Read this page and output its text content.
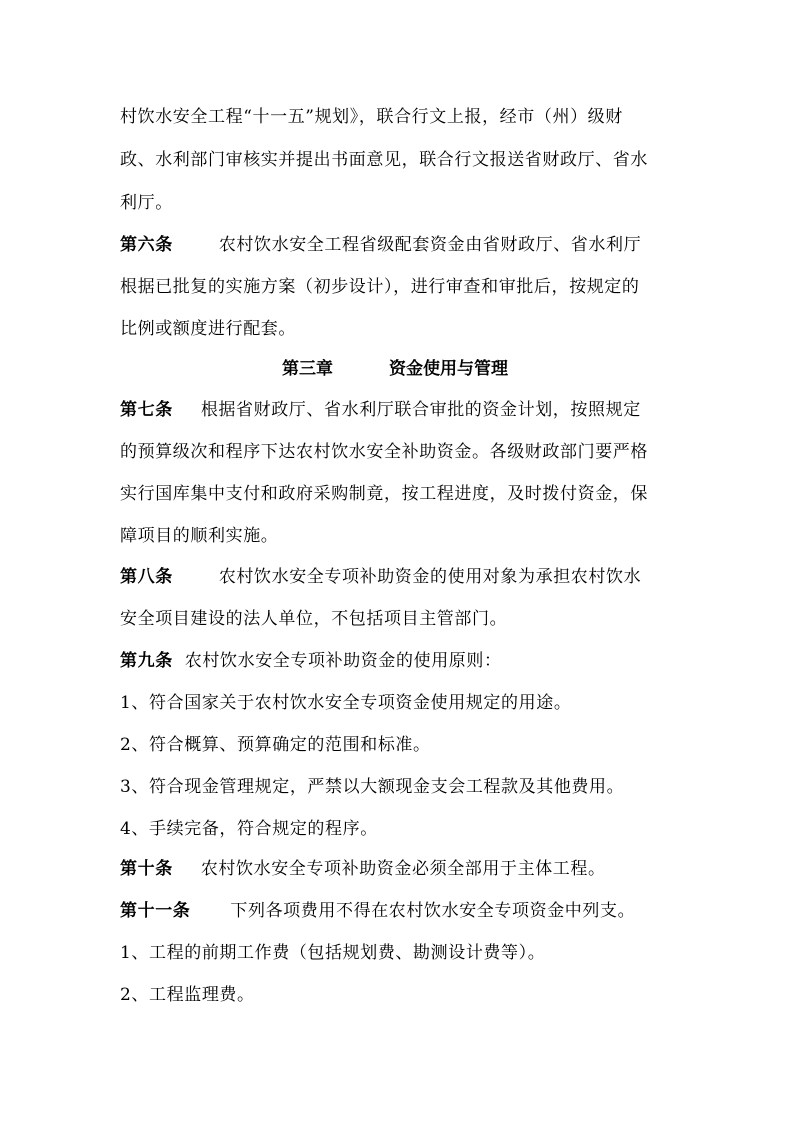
村饮水安全工程“十一五”规划》，联合行文上报，经市（州）级财
政、水利部门审核实并提出书面意见，联合行文报送省财政厅、省水
利厅。
第六条	农村饮水安全工程省级配套资金由省财政厅、省水利厅
根据已批复的实施方案（初步设计），进行审查和审批后，按规定的
比例或额度进行配套。
第三章	资金使用与管理
第七条 根据省财政厅、省水利厅联合审批的资金计划，按照规定
的预算级次和程序下达农村饮水安全补助资金。各级财政部门要严格
实行国库集中支付和政府采购制竟，按工程进度，及时拨付资金，保
障项目的顺利实施。
第八条	农村饮水安全专项补助资金的使用对象为承担农村饮水
安全项目建设的法人单位，不包括项目主管部门。
第九条 农村饮水安全专项补助资金的使用原则：
1、符合国家关于农村饮水安全专项资金使用规定的用途。
2、符合概算、预算确定的范围和标准。
3、符合现金管理规定，严禁以大额现金支会工程款及其他费用。
4、手续完备，符合规定的程序。
第十条 农村饮水安全专项补助资金必须全部用于主体工程。
第十一条 下列各项费用不得在农村饮水安全专项资金中列支。
1、工程的前期工作费（包括规划费、勘测设计费等）。
2、工程监理费。
